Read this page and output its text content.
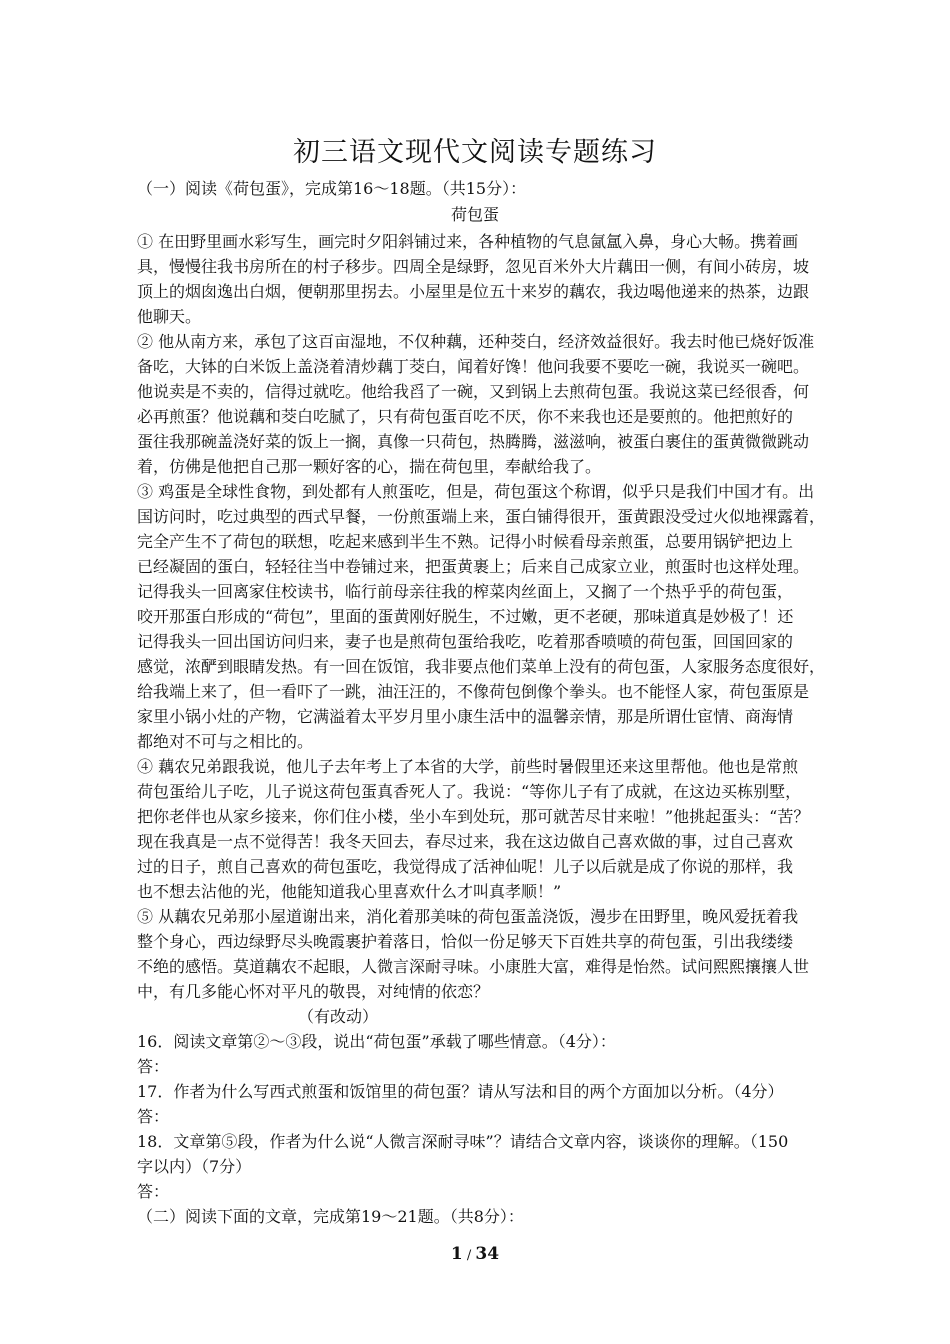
初三语文现代文阅读专题练习
（一）阅读《荷包蛋》，完成第16～18题。（共15分）：
荷包蛋
① 在田野里画水彩写生，画完时夕阳斜铺过来，各种植物的气息氤氲入鼻，身心大畅。携着画
具，慢慢往我书房所在的村子移步。四周全是绿野，忽见百米外大片藕田一侧，有间小砖房，坡
顶上的烟囱逸出白烟，便朝那里拐去。小屋里是位五十来岁的藕农，我边喝他递来的热茶，边跟
他聊天。
② 他从南方来，承包了这百亩湿地，不仅种藕，还种茭白，经济效益很好。我去时他已烧好饭准
备吃，大钵的白米饭上盖浇着清炒藕丁茭白，闻着好馋！他问我要不要吃一碗，我说买一碗吧。
他说卖是不卖的，信得过就吃。他给我舀了一碗，又到锅上去煎荷包蛋。我说这菜已经很香，何
必再煎蛋？他说藕和茭白吃腻了，只有荷包蛋百吃不厌，你不来我也还是要煎的。他把煎好的
蛋往我那碗盖浇好菜的饭上一搁，真像一只荷包，热腾腾，滋滋响，被蛋白裹住的蛋黄微微跳动
着，仿佛是他把自己那一颗好客的心，揣在荷包里，奉献给我了。
③ 鸡蛋是全球性食物，到处都有人煎蛋吃，但是，荷包蛋这个称谓，似乎只是我们中国才有。出
国访问时，吃过典型的西式早餐，一份煎蛋端上来，蛋白铺得很开，蛋黄跟没受过火似地裸露着，
完全产生不了荷包的联想，吃起来感到半生不熟。记得小时候看母亲煎蛋，总要用锅铲把边上
已经凝固的蛋白，轻轻往当中卷铺过来，把蛋黄裹上；后来自己成家立业，煎蛋时也这样处理。
记得我头一回离家住校读书，临行前母亲往我的榨菜肉丝面上，又搁了一个热乎乎的荷包蛋，
咬开那蛋白形成的“荷包”，里面的蛋黄刚好脱生，不过嫩，更不老硬，那味道真是妙极了！还
记得我头一回出国访问归来，妻子也是煎荷包蛋给我吃，吃着那香喷喷的荷包蛋，回国回家的
感觉，浓酽到眼睛发热。有一回在饭馆，我非要点他们菜单上没有的荷包蛋，人家服务态度很好，
给我端上来了，但一看吓了一跳，油汪汪的，不像荷包倒像个拳头。也不能怪人家，荷包蛋原是
家里小锅小灶的产物，它满溢着太平岁月里小康生活中的温馨亲情，那是所谓仕宦情、商海情
都绝对不可与之相比的。
④ 藕农兄弟跟我说，他儿子去年考上了本省的大学，前些时暑假里还来这里帮他。他也是常煎
荷包蛋给儿子吃，儿子说这荷包蛋真香死人了。我说：“等你儿子有了成就，在这边买栋别墅，
把你老伴也从家乡接来，你们住小楼，坐小车到处玩，那可就苦尽甘来啦！”他挑起蛋头：“苦？
现在我真是一点不觉得苦！我冬天回去，春尽过来，我在这边做自己喜欢做的事，过自己喜欢
过的日子，煎自己喜欢的荷包蛋吃，我觉得成了活神仙呢！儿子以后就是成了你说的那样，我
也不想去沾他的光，他能知道我心里喜欢什么才叫真孝顺！”
⑤ 从藕农兄弟那小屋道谢出来，消化着那美味的荷包蛋盖浇饭，漫步在田野里，晚风爱抚着我
整个身心，西边绿野尽头晚霞裹护着落日，恰似一份足够天下百姓共享的荷包蛋，引出我缕缕
不绝的感悟。莫道藕农不起眼，人微言深耐寻味。小康胜大富，难得是怡然。试问熙熙攘攘人世
中，有几多能心怀对平凡的敬畏，对纯情的依恋？
（有改动）
16．阅读文章第②～③段，说出“荷包蛋”承载了哪些情意。（4分）：
答：
17．作者为什么写西式煎蛋和饭馆里的荷包蛋？请从写法和目的两个方面加以分析。（4分）
答：
18．文章第⑤段，作者为什么说“人微言深耐寻味”？请结合文章内容，谈谈你的理解。（150
字以内）（7分）
答：
（二）阅读下面的文章，完成第19～21题。（共8分）：
1 / 34
